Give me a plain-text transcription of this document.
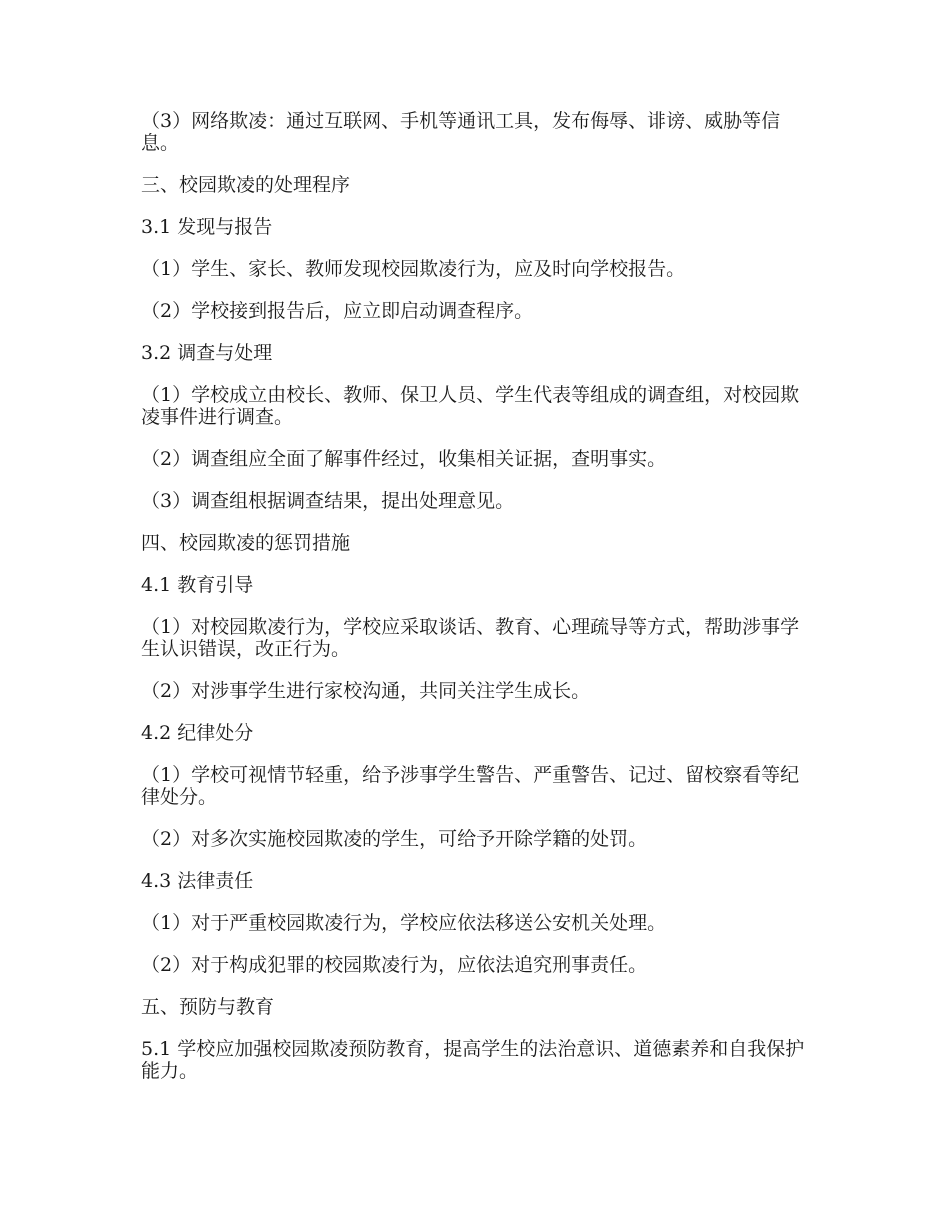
（3）网络欺凌：通过互联网、手机等通讯工具，发布侮辱、诽谤、威胁等信息。

三、校园欺凌的处理程序

3.1 发现与报告

（1）学生、家长、教师发现校园欺凌行为，应及时向学校报告。

（2）学校接到报告后，应立即启动调查程序。

3.2 调查与处理

（1）学校成立由校长、教师、保卫人员、学生代表等组成的调查组，对校园欺凌事件进行调查。

（2）调查组应全面了解事件经过，收集相关证据，查明事实。

（3）调查组根据调查结果，提出处理意见。

四、校园欺凌的惩罚措施

4.1 教育引导

（1）对校园欺凌行为，学校应采取谈话、教育、心理疏导等方式，帮助涉事学生认识错误，改正行为。

（2）对涉事学生进行家校沟通，共同关注学生成长。

4.2 纪律处分

（1）学校可视情节轻重，给予涉事学生警告、严重警告、记过、留校察看等纪律处分。

（2）对多次实施校园欺凌的学生，可给予开除学籍的处罚。

4.3 法律责任

（1）对于严重校园欺凌行为，学校应依法移送公安机关处理。

（2）对于构成犯罪的校园欺凌行为，应依法追究刑事责任。

五、预防与教育

5.1 学校应加强校园欺凌预防教育，提高学生的法治意识、道德素养和自我保护能力。
